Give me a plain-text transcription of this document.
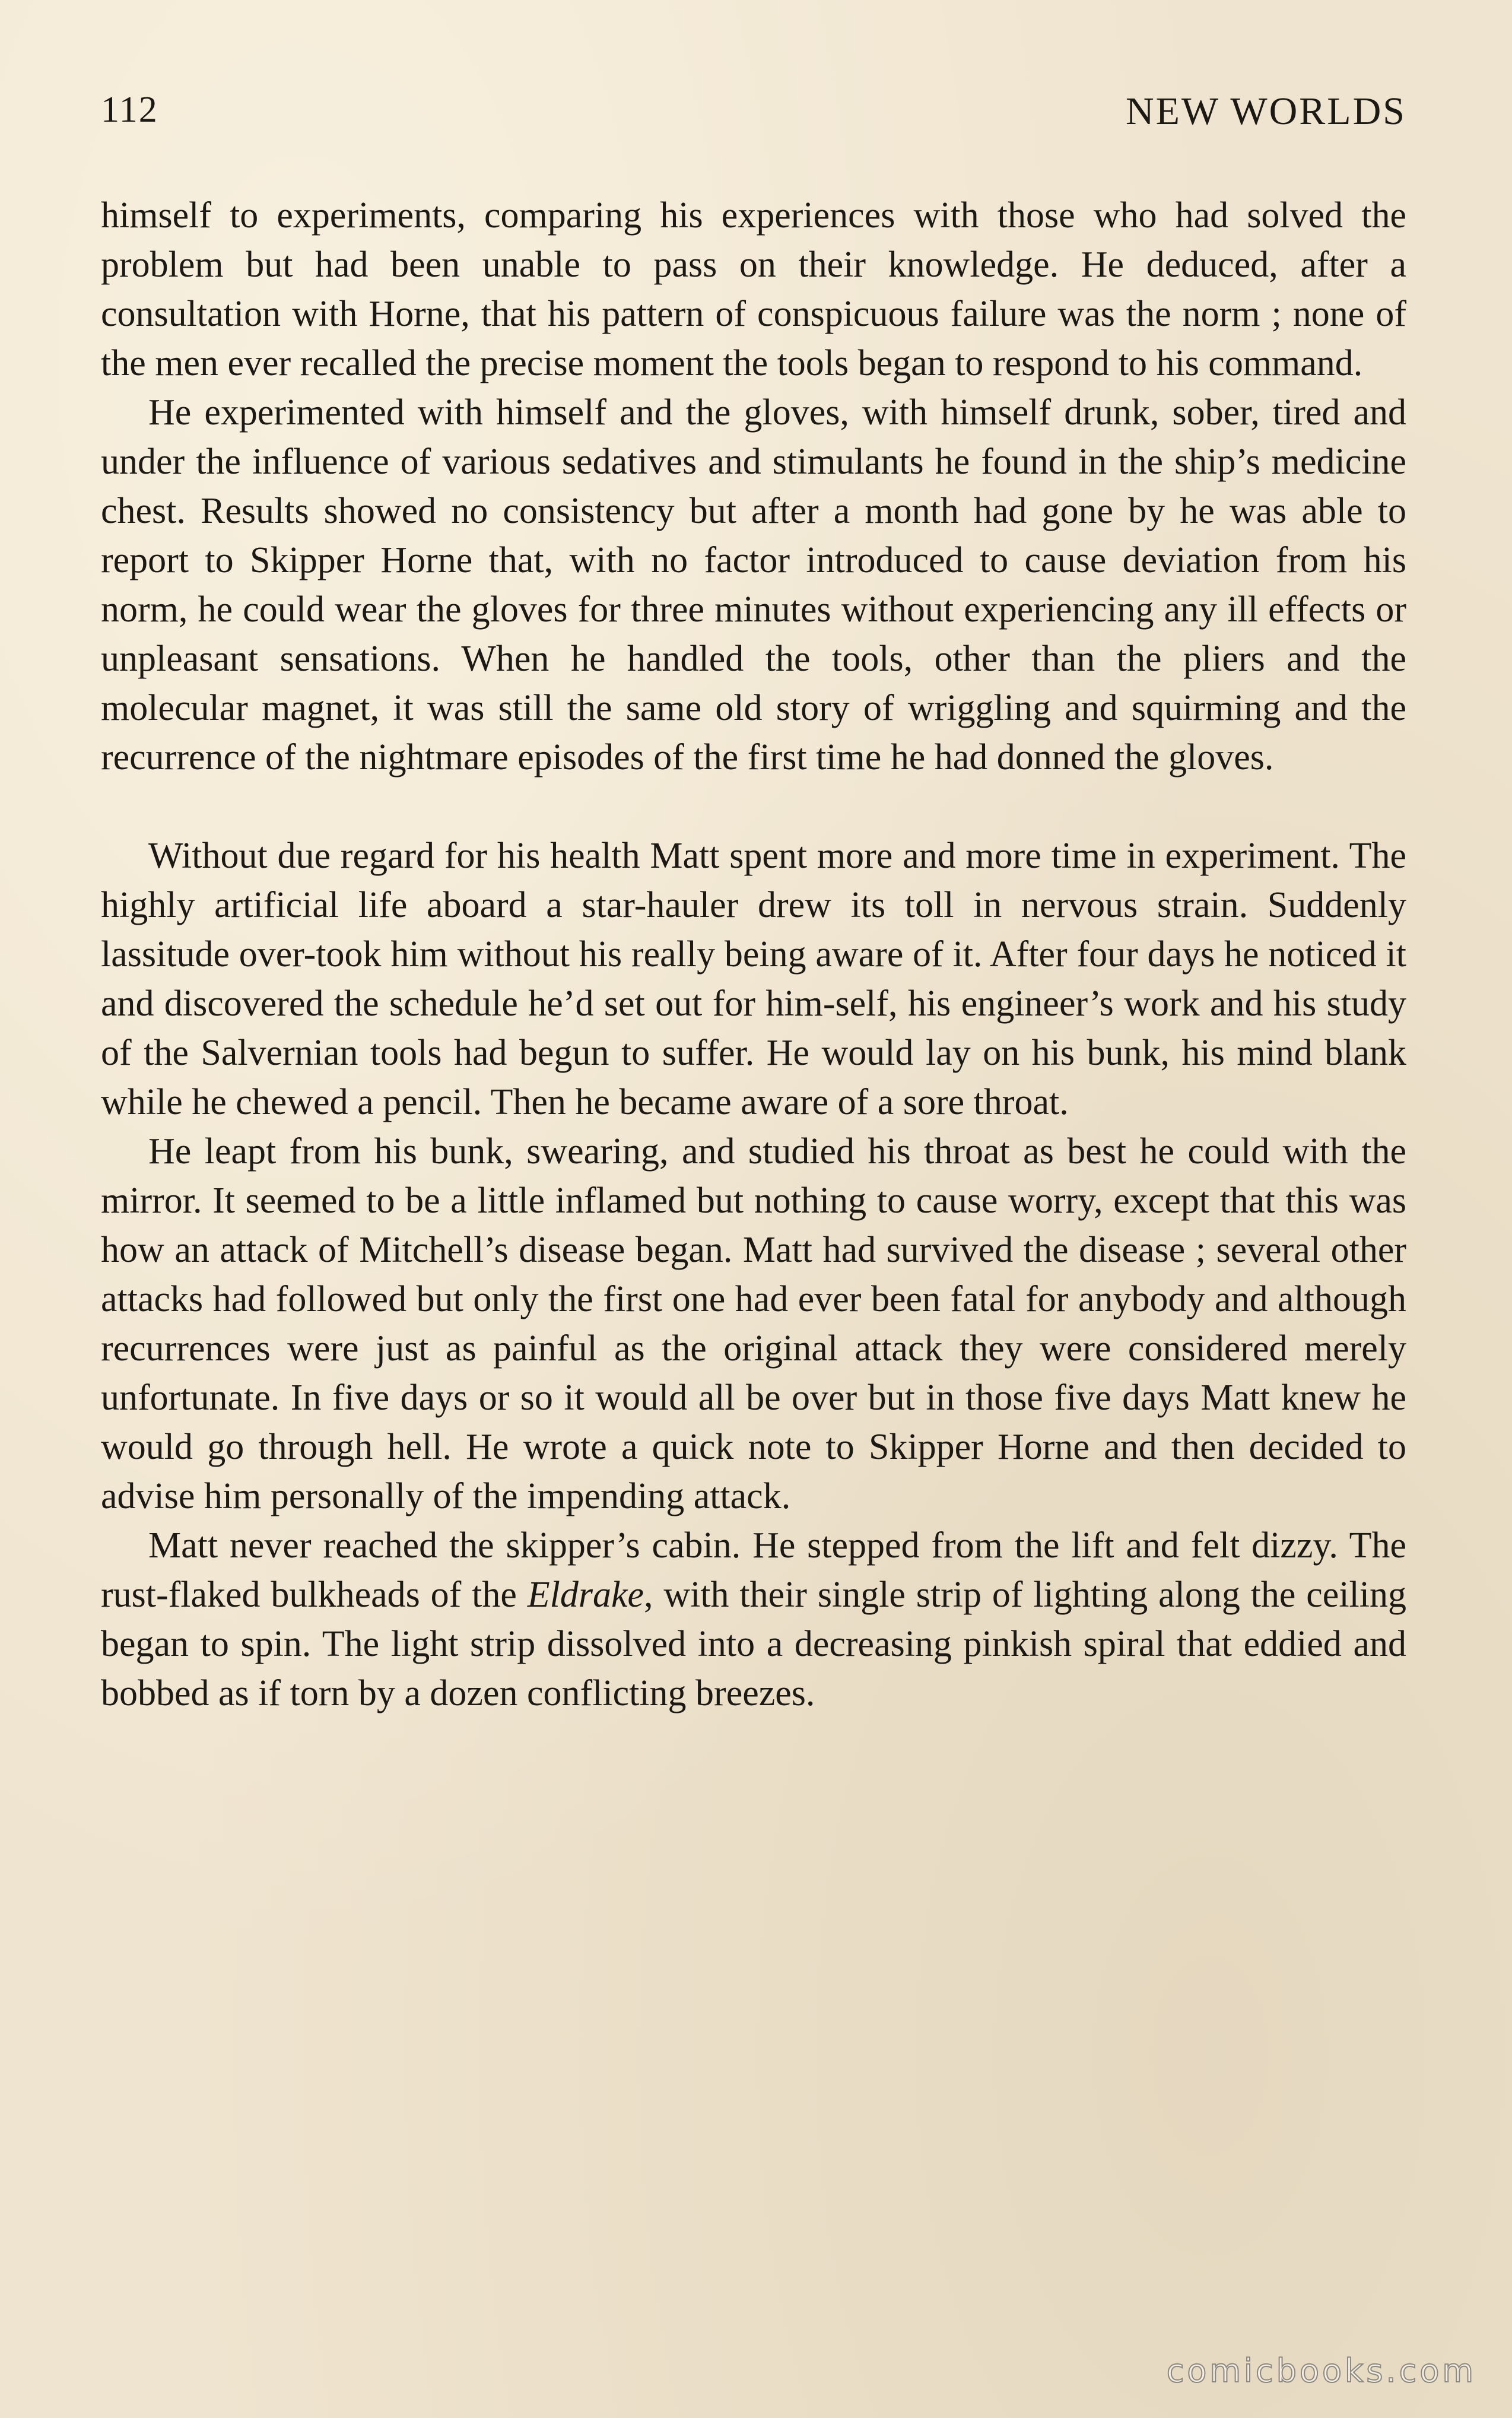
112	NEW WORLDS

himself to experiments, comparing his experiences with those who had solved the problem but had been unable to pass on their knowledge. He deduced, after a consultation with Horne, that his pattern of conspicuous failure was the norm ; none of the men ever recalled the precise moment the tools began to respond to his command.

He experimented with himself and the gloves, with himself drunk, sober, tired and under the influence of various sedatives and stimulants he found in the ship’s medicine chest. Results showed no consistency but after a month had gone by he was able to report to Skipper Horne that, with no factor introduced to cause deviation from his norm, he could wear the gloves for three minutes without experiencing any ill effects or unpleasant sensations. When he handled the tools, other than the pliers and the molecular magnet, it was still the same old story of wriggling and squirming and the recurrence of the nightmare episodes of the first time he had donned the gloves.

Without due regard for his health Matt spent more and more time in experiment. The highly artificial life aboard a star-hauler drew its toll in nervous strain. Suddenly lassitude over-took him without his really being aware of it. After four days he noticed it and discovered the schedule he’d set out for him-self, his engineer’s work and his study of the Salvernian tools had begun to suffer. He would lay on his bunk, his mind blank while he chewed a pencil. Then he became aware of a sore throat.

He leapt from his bunk, swearing, and studied his throat as best he could with the mirror. It seemed to be a little inflamed but nothing to cause worry, except that this was how an attack of Mitchell’s disease began. Matt had survived the disease ; several other attacks had followed but only the first one had ever been fatal for anybody and although recurrences were just as painful as the original attack they were considered merely unfortunate. In five days or so it would all be over but in those five days Matt knew he would go through hell. He wrote a quick note to Skipper Horne and then decided to advise him personally of the impending attack.

Matt never reached the skipper’s cabin. He stepped from the lift and felt dizzy. The rust-flaked bulkheads of the Eldrake, with their single strip of lighting along the ceiling began to spin. The light strip dissolved into a decreasing pinkish spiral that eddied and bobbed as if torn by a dozen conflicting breezes.

comicbooks.com
